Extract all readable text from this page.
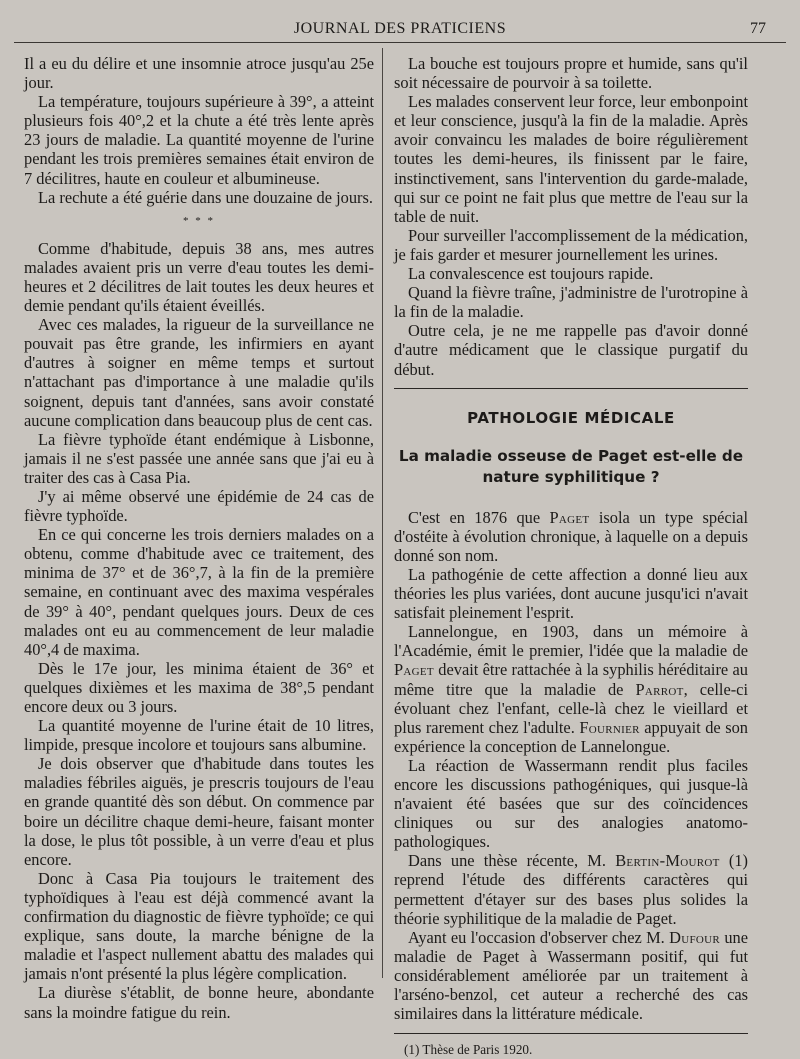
JOURNAL DES PRATICIENS	77

Il a eu du délire et une insomnie atroce jusqu'au 25e jour.

La température, toujours supérieure à 39°, a atteint plusieurs fois 40°,2 et la chute a été très lente après 23 jours de maladie. La quantité moyenne de l'urine pendant les trois premières semaines était environ de 7 décilitres, haute en couleur et albumineuse.

La rechute a été guérie dans une douzaine de jours.

* * *

Comme d'habitude, depuis 38 ans, mes autres malades avaient pris un verre d'eau toutes les demi-heures et 2 décilitres de lait toutes les deux heures et demie pendant qu'ils étaient éveillés.

Avec ces malades, la rigueur de la surveillance ne pouvait pas être grande, les infirmiers en ayant d'autres à soigner en même temps et surtout n'attachant pas d'importance à une maladie qu'ils soignent, depuis tant d'années, sans avoir constaté aucune complication dans beaucoup plus de cent cas.

La fièvre typhoïde étant endémique à Lisbonne, jamais il ne s'est passée une année sans que j'ai eu à traiter des cas à Casa Pia.

J'y ai même observé une épidémie de 24 cas de fièvre typhoïde.

En ce qui concerne les trois derniers malades on a obtenu, comme d'habitude avec ce traitement, des minima de 37° et de 36°,7, à la fin de la première semaine, en continuant avec des maxima vespérales de 39° à 40°, pendant quelques jours. Deux de ces malades ont eu au commencement de leur maladie 40°,4 de maxima.

Dès le 17e jour, les minima étaient de 36° et quelques dixièmes et les maxima de 38°,5 pendant encore deux ou 3 jours.

La quantité moyenne de l'urine était de 10 litres, limpide, presque incolore et toujours sans albumine.

Je dois observer que d'habitude dans toutes les maladies fébriles aiguës, je prescris toujours de l'eau en grande quantité dès son début. On commence par boire un décilitre chaque demi-heure, faisant monter la dose, le plus tôt possible, à un verre d'eau et plus encore.

Donc à Casa Pia toujours le traitement des typhoïdiques à l'eau est déjà commencé avant la confirmation du diagnostic de fièvre typhoïde; ce qui explique, sans doute, la marche bénigne de la maladie et l'aspect nullement abattu des malades qui jamais n'ont présenté la plus légère complication.

La diurèse s'établit, de bonne heure, abondante sans la moindre fatigue du rein.

La bouche est toujours propre et humide, sans qu'il soit nécessaire de pourvoir à sa toilette.

Les malades conservent leur force, leur embonpoint et leur conscience, jusqu'à la fin de la maladie. Après avoir convaincu les malades de boire régulièrement toutes les demi-heures, ils finissent par le faire, instinctivement, sans l'intervention du garde-malade, qui sur ce point ne fait plus que mettre de l'eau sur la table de nuit.

Pour surveiller l'accomplissement de la médication, je fais garder et mesurer journellement les urines.

La convalescence est toujours rapide.

Quand la fièvre traîne, j'administre de l'urotropine à la fin de la maladie.

Outre cela, je ne me rappelle pas d'avoir donné d'autre médicament que le classique purgatif du début.

PATHOLOGIE MÉDICALE
La maladie osseuse de Paget est-elle de nature syphilitique ?

C'est en 1876 que Paget isola un type spécial d'ostéite à évolution chronique, à laquelle on a depuis donné son nom.

La pathogénie de cette affection a donné lieu aux théories les plus variées, dont aucune jusqu'ici n'avait satisfait pleinement l'esprit.

Lannelongue, en 1903, dans un mémoire à l'Académie, émit le premier, l'idée que la maladie de Paget devait être rattachée à la syphilis héréditaire au même titre que la maladie de Parrot, celle-ci évoluant chez l'enfant, celle-là chez le vieillard et plus rarement chez l'adulte. Fournier appuyait de son expérience la conception de Lannelongue.

La réaction de Wassermann rendit plus faciles encore les discussions pathogéniques, qui jusque-là n'avaient été basées que sur des coïncidences cliniques ou sur des analogies anatomo-pathologiques.

Dans une thèse récente, M. Bertin-Mourot (1) reprend l'étude des différents caractères qui permettent d'étayer sur des bases plus solides la théorie syphilitique de la maladie de Paget.

Ayant eu l'occasion d'observer chez M. Dufour une maladie de Paget à Wassermann positif, qui fut considérablement améliorée par un traitement à l'arséno-benzol, cet auteur a recherché des cas similaires dans la littérature médicale.

(1) Thèse de Paris 1920.
